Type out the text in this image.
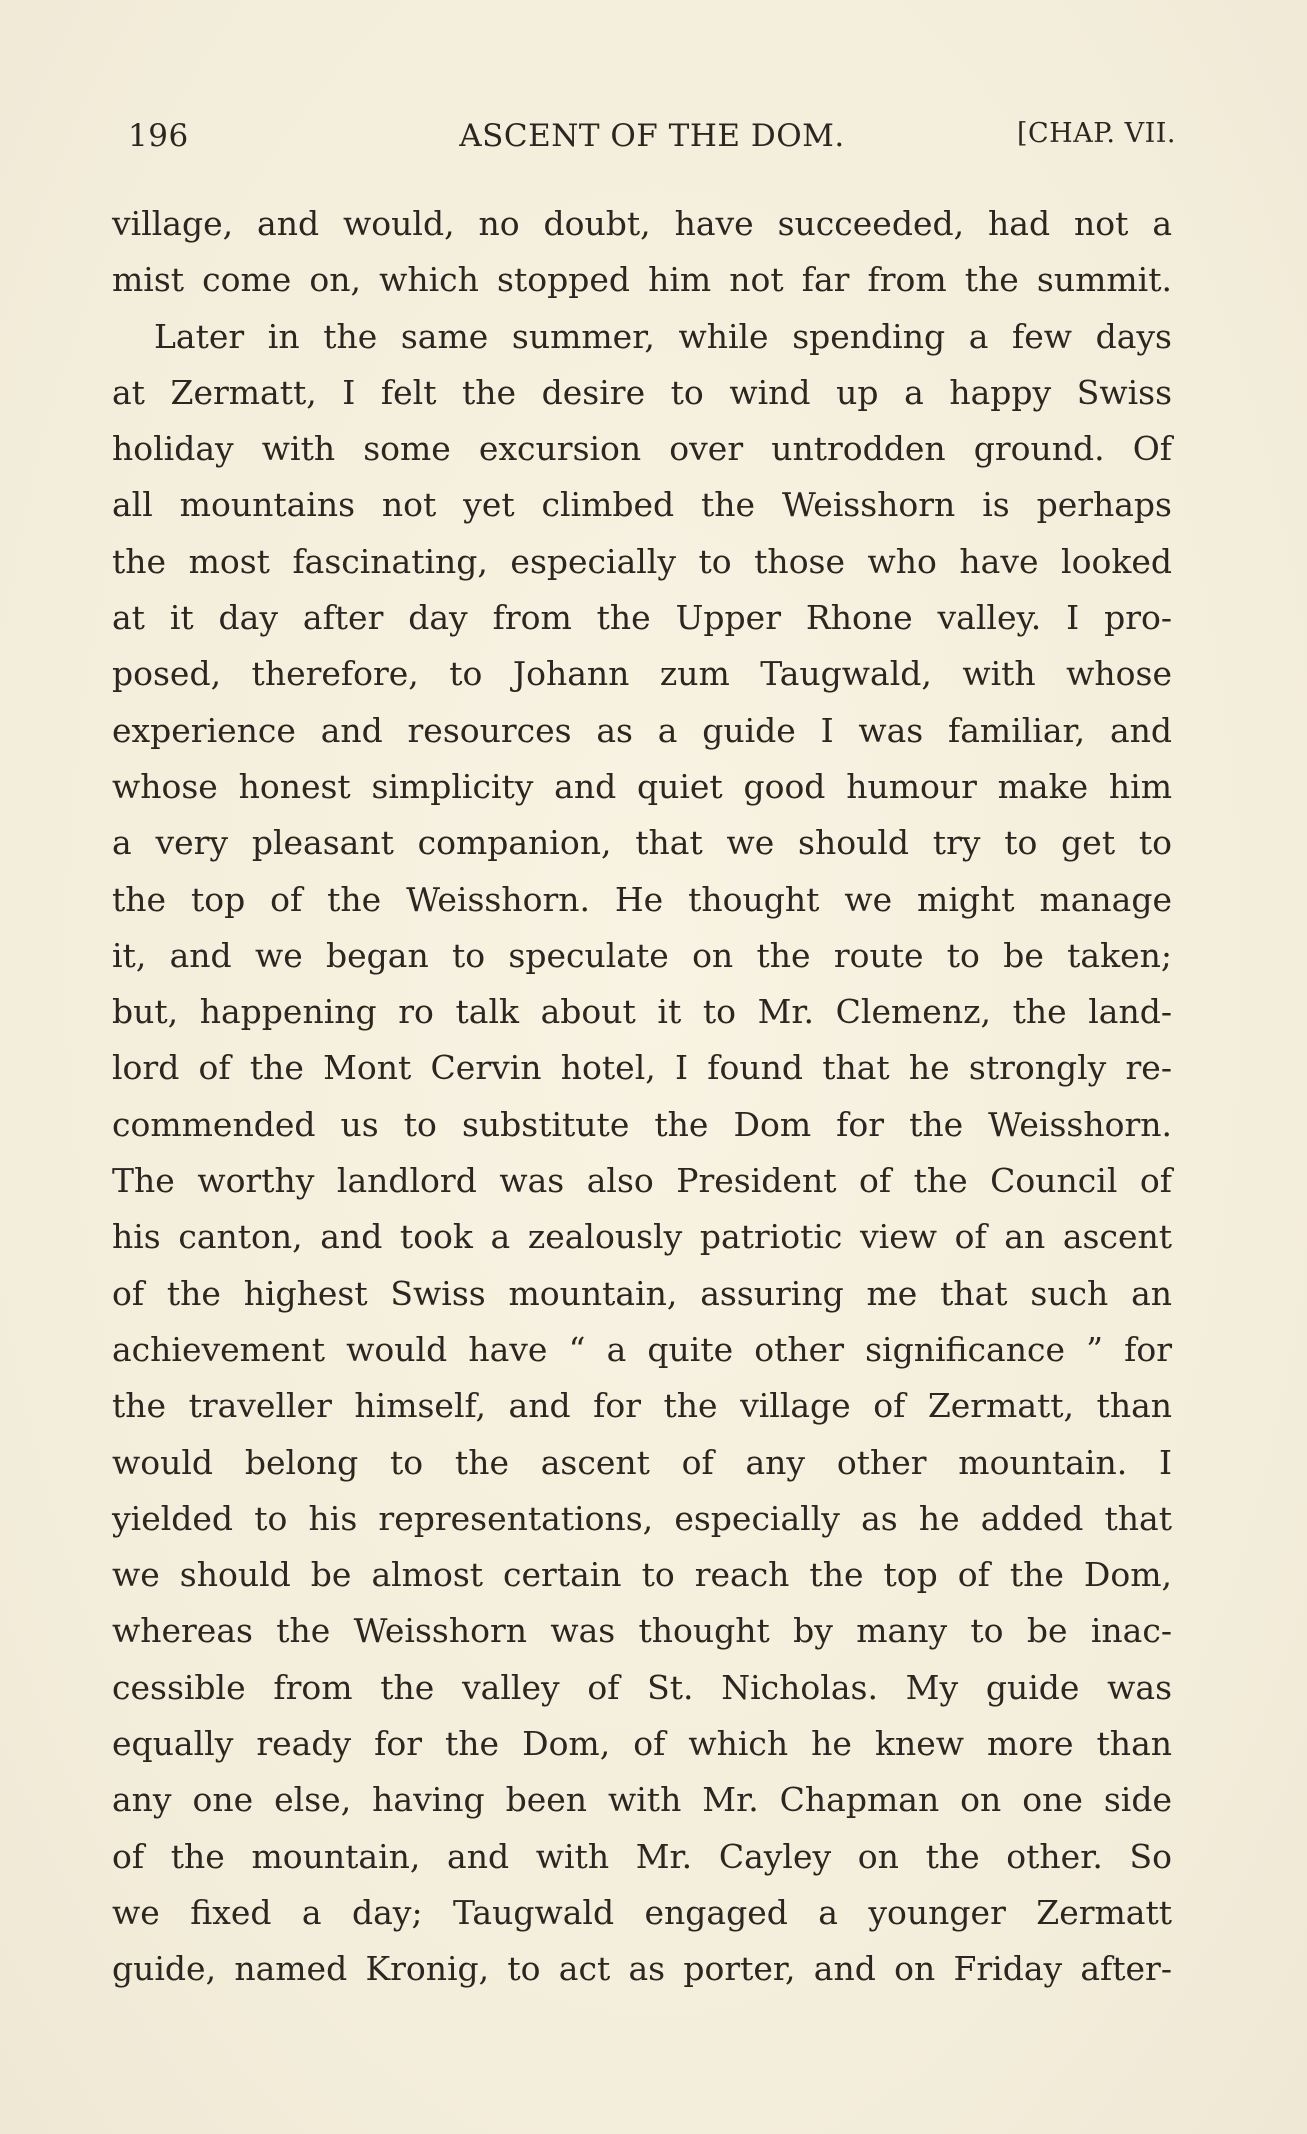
196	ASCENT OF THE DOM.	[CHAP. VII.
village, and would, no doubt, have succeeded, had not a
mist come on, which stopped him not far from the summit.
Later in the same summer, while spending a few days
at Zermatt, I felt the desire to wind up a happy Swiss
holiday with some excursion over untrodden ground. Of
all mountains not yet climbed the Weisshorn is perhaps
the most fascinating, especially to those who have looked
at it day after day from the Upper Rhone valley. I pro-
posed, therefore, to Johann zum Taugwald, with whose
experience and resources as a guide I was familiar, and
whose honest simplicity and quiet good humour make him
a very pleasant companion, that we should try to get to
the top of the Weisshorn. He thought we might manage
it, and we began to speculate on the route to be taken;
but, happening ro talk about it to Mr. Clemenz, the land-
lord of the Mont Cervin hotel, I found that he strongly re-
commended us to substitute the Dom for the Weisshorn.
The worthy landlord was also President of the Council of
his canton, and took a zealously patriotic view of an ascent
of the highest Swiss mountain, assuring me that such an
achievement would have “ a quite other significance ” for
the traveller himself, and for the village of Zermatt, than
would belong to the ascent of any other mountain. I
yielded to his representations, especially as he added that
we should be almost certain to reach the top of the Dom,
whereas the Weisshorn was thought by many to be inac-
cessible from the valley of St. Nicholas. My guide was
equally ready for the Dom, of which he knew more than
any one else, having been with Mr. Chapman on one side
of the mountain, and with Mr. Cayley on the other. So
we fixed a day; Taugwald engaged a younger Zermatt
guide, named Kronig, to act as porter, and on Friday after-
